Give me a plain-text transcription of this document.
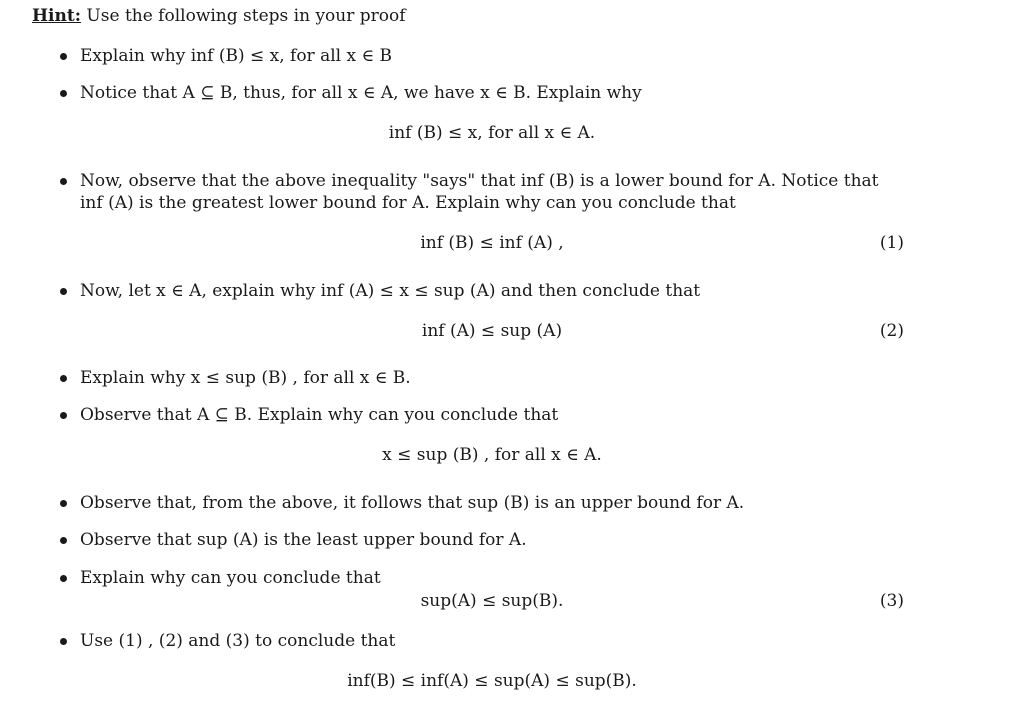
Hint: Use the following steps in your proof
Explain why inf (B) ≤ x, for all x ∈ B
Notice that A ⊆ B, thus, for all x ∈ A, we have x ∈ B. Explain why
inf (B) ≤ x, for all x ∈ A.
Now, observe that the above inequality "says" that inf (B) is a lower bound for A. Notice that
inf (A) is the greatest lower bound for A. Explain why can you conclude that
inf (B) ≤ inf (A) ,	(1)
Now, let x ∈ A, explain why inf (A) ≤ x ≤ sup (A) and then conclude that
inf (A) ≤ sup (A)	(2)
Explain why x ≤ sup (B) , for all x ∈ B.
Observe that A ⊆ B. Explain why can you conclude that
x ≤ sup (B) , for all x ∈ A.
Observe that, from the above, it follows that sup (B) is an upper bound for A.
Observe that sup (A) is the least upper bound for A.
Explain why can you conclude that
sup(A) ≤ sup(B).	(3)
Use (1) , (2) and (3) to conclude that
inf(B) ≤ inf(A) ≤ sup(A) ≤ sup(B).
